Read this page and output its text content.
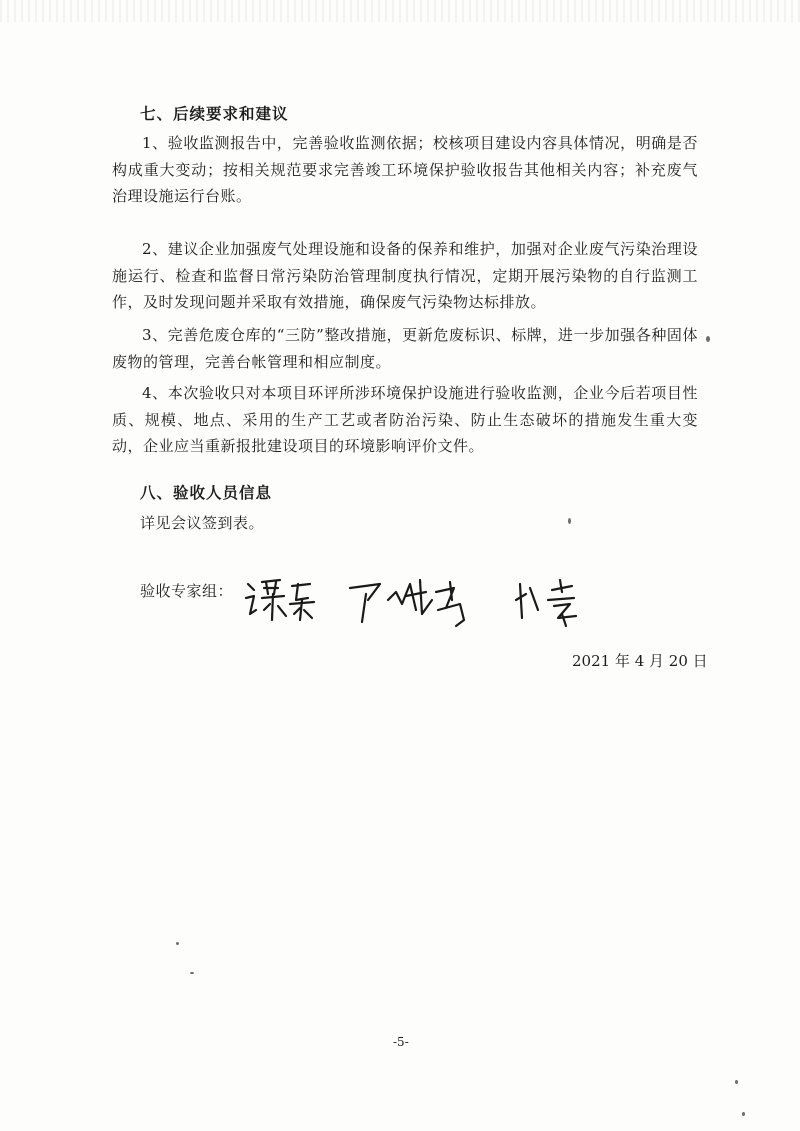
七、后续要求和建议
1、验收监测报告中，完善验收监测依据；校核项目建设内容具体情况，明确是否构成重大变动；按相关规范要求完善竣工环境保护验收报告其他相关内容；补充废气治理设施运行台账。
2、建议企业加强废气处理设施和设备的保养和维护，加强对企业废气污染治理设施运行、检查和监督日常污染防治管理制度执行情况，定期开展污染物的自行监测工作，及时发现问题并采取有效措施，确保废气污染物达标排放。
3、完善危废仓库的“三防”整改措施，更新危废标识、标牌，进一步加强各种固体废物的管理，完善台帐管理和相应制度。
4、本次验收只对本项目环评所涉环境保护设施进行验收监测，企业今后若项目性质、规模、地点、采用的生产工艺或者防治污染、防止生态破坏的措施发生重大变动，企业应当重新报批建设项目的环境影响评价文件。
八、验收人员信息
详见会议签到表。
验收专家组：
2021 年 4 月 20 日
-5-
